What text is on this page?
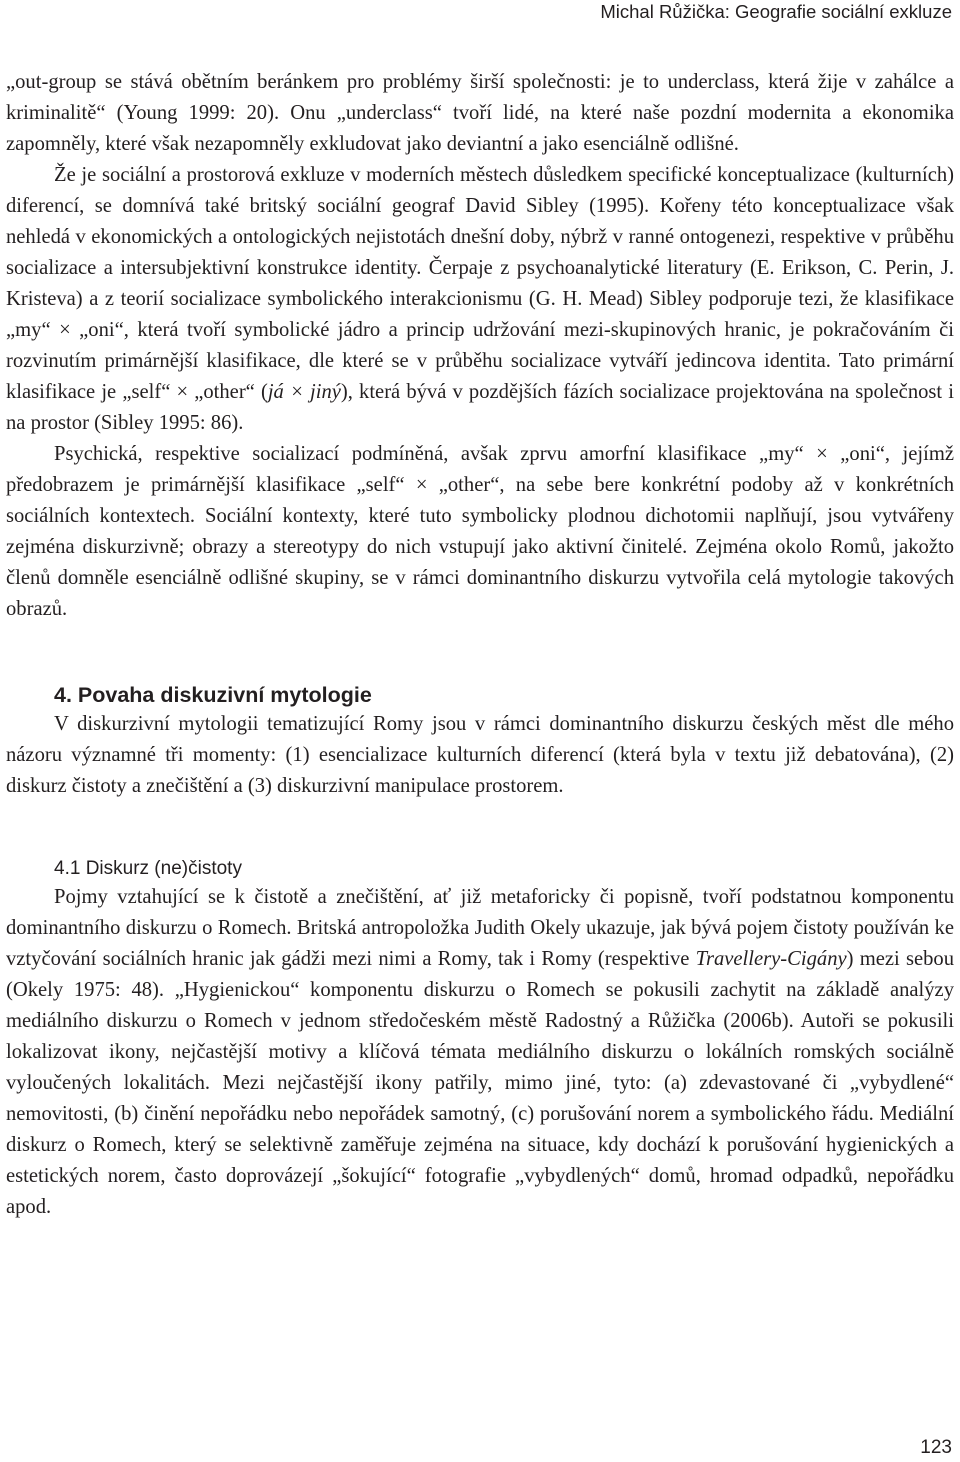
Michal Růžička: Geografie sociální exkluze

„out-group se stává obětním beránkem pro problémy širší společnosti: je to underclass, která žije v zahálce a kriminalitě“ (Young 1999: 20). Onu „underclass“ tvoří lidé, na které naše pozdní modernita a ekonomika zapomněly, které však nezapomněly exkludovat jako deviantní a jako esenciálně odlišné.

Že je sociální a prostorová exkluze v moderních městech důsledkem specifické konceptualizace (kulturních) diferencí, se domnívá také britský sociální geograf David Sibley (1995). Kořeny této konceptualizace však nehledá v ekonomických a ontologických nejistotách dnešní doby, nýbrž v ranné ontogenezi, respektive v průběhu socializace a intersubjektivní konstrukce identity. Čerpaje z psychoanalytické literatury (E. Erikson, C. Perin, J. Kristeva) a z teorií socializace symbolického interakcionismu (G. H. Mead) Sibley podporuje tezi, že klasifikace „my“ × „oni“, která tvoří symbolické jádro a princip udržování mezi-skupinových hranic, je pokračováním či rozvinutím primárnější klasifikace, dle které se v průběhu socializace vytváří jedincova identita. Tato primární klasifikace je „self“ × „other“ (já × jiný), která bývá v pozdějších fázích socializace projektována na společnost i na prostor (Sibley 1995: 86).

Psychická, respektive socializací podmíněná, avšak zprvu amorfní klasifikace „my“ × „oni“, jejímž předobrazem je primárnější klasifikace „self“ × „other“, na sebe bere konkrétní podoby až v konkrétních sociálních kontextech. Sociální kontexty, které tuto symbolicky plodnou dichotomii naplňují, jsou vytvářeny zejména diskurzivně; obrazy a stereotypy do nich vstupují jako aktivní činitelé. Zejména okolo Romů, jakožto členů domněle esenciálně odlišné skupiny, se v rámci dominantního diskurzu vytvořila celá mytologie takových obrazů.

4. Povaha diskuzivní mytologie

V diskurzivní mytologii tematizující Romy jsou v rámci dominantního diskurzu českých měst dle mého názoru významné tři momenty: (1) esencializace kulturních diferencí (která byla v textu již debatována), (2) diskurz čistoty a znečištění a (3) diskurzivní manipulace prostorem.

4.1 Diskurz (ne)čistoty

Pojmy vztahující se k čistotě a znečištění, ať již metaforicky či popisně, tvoří podstatnou komponentu dominantního diskurzu o Romech. Britská antropoložka Judith Okely ukazuje, jak bývá pojem čistoty používán ke vztyčování sociálních hranic jak gádži mezi nimi a Romy, tak i Romy (respektive Travellery-Cigány) mezi sebou (Okely 1975: 48). „Hygienickou“ komponentu diskurzu o Romech se pokusili zachytit na základě analýzy mediálního diskurzu o Romech v jednom středočeském městě Radostný a Růžička (2006b). Autoři se pokusili lokalizovat ikony, nejčastější motivy a klíčová témata mediálního diskurzu o lokálních romských sociálně vyloučených lokalitách. Mezi nejčastější ikony patřily, mimo jiné, tyto: (a) zdevastované či „vybydlené“ nemovitosti, (b) činění nepořádku nebo nepořádek samotný, (c) porušování norem a symbolického řádu. Mediální diskurz o Romech, který se selektivně zaměřuje zejména na situace, kdy dochází k porušování hygienických a estetických norem, často doprovázejí „šokující“ fotografie „vybydlených“ domů, hromad odpadků, nepořádku apod.

123
